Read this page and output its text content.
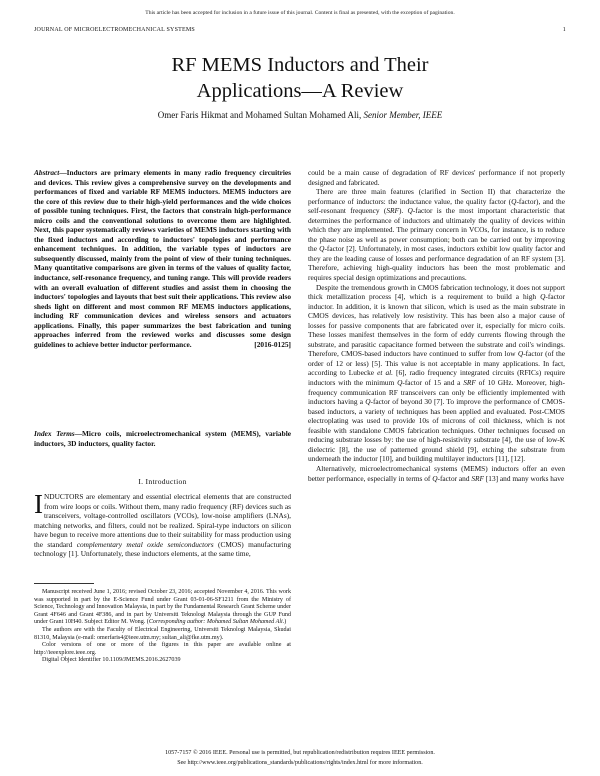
This article has been accepted for inclusion in a future issue of this journal. Content is final as presented, with the exception of pagination.
JOURNAL OF MICROELECTROMECHANICAL SYSTEMS	1
RF MEMS Inductors and Their
Applications—A Review
Omer Faris Hikmat and Mohamed Sultan Mohamed Ali, Senior Member, IEEE
Abstract—Inductors are primary elements in many radio frequency circuitries and devices. This review gives a comprehensive survey on the developments and performances of fixed and variable RF MEMS inductors. MEMS inductors are the core of this review due to their high-yield performances and the wide choices of possible tuning techniques. First, the factors that constrain high-performance micro coils and the conventional solutions to overcome them are highlighted. Next, this paper systematically reviews varieties of MEMS inductors starting with the fixed inductors and according to inductors' topologies and performance enhancement techniques. In addition, the variable types of inductors are subsequently discussed, mainly from the point of view of their tuning techniques. Many quantitative comparisons are given in terms of the values of quality factor, inductance, self-resonance frequency, and tuning range. This will provide readers with an overall evaluation of different studies and assist them in choosing the inductors' topologies and layouts that best suit their applications. This review also sheds light on different and most common RF MEMS inductors applications, including RF communication devices and wireless sensors and actuators applications. Finally, this paper summarizes the best fabrication and tuning approaches inferred from the reviewed works and discusses some design guidelines to achieve better inductor performance.	[2016-0125]
Index Terms—Micro coils, microelectromechanical system (MEMS), variable inductors, 3D inductors, quality factor.
I. Introduction
INDUCTORS are elementary and essential electrical elements that are constructed from wire loops or coils. Without them, many radio frequency (RF) devices such as transceivers, voltage-controlled oscillators (VCOs), low-noise amplifiers (LNAs), matching networks, and filters, could not be realized. Spiral-type inductors on silicon have begun to receive more attentions due to their suitability for mass production using the standard complementary metal oxide semiconductors (CMOS) manufacturing technology [1]. Unfortunately, these inductors elements, at the same time,

Manuscript received June 1, 2016; revised October 23, 2016; accepted November 4, 2016. This work was supported in part by the E-Science Fund under Grant 03-01-06-SF1211 from the Ministry of Science, Technology and Innovation Malaysia, in part by the Fundamental Research Grant Scheme under Grant 4F646 and Grant 4F386, and in part by Universiti Teknologi Malaysia through the GUP Fund under Grant 10H40. Subject Editor M. Wong. (Corresponding author: Mohamed Sultan Mohamed Ali.)

The authors are with the Faculty of Electrical Engineering, Universiti Teknologi Malaysia, Skudai 81310, Malaysia (e-mail: omerfaris4@ieee.utm.my; sultan_ali@fke.utm.my).

Color versions of one or more of the figures in this paper are available online at http://ieeexplore.ieee.org.

Digital Object Identifier 10.1109/JMEMS.2016.2627039

could be a main cause of degradation of RF devices' performance if not properly designed and fabricated.

There are three main features (clarified in Section II) that characterize the performance of inductors: the inductance value, the quality factor (Q-factor), and the self-resonant frequency (SRF). Q-factor is the most important characteristic that determines the performance of inductors and ultimately the quality of devices within which they are implemented. The primary concern in VCOs, for instance, is to reduce the phase noise as well as power consumption; both can be carried out by improving the Q-factor [2]. Unfortunately, in most cases, inductors exhibit low quality factor and they are the leading cause of losses and performance degradation of an RF system [3]. Therefore, achieving high-quality inductors has been the most problematic and requires special design optimizations and precautions.

Despite the tremendous growth in CMOS fabrication technology, it does not support thick metallization process [4], which is a requirement to build a high Q-factor inductor. In addition, it is known that silicon, which is used as the main substrate in CMOS devices, has relatively low resistivity. This has been also a major cause of losses for passive components that are fabricated over it, especially for micro coils. These losses manifest themselves in the form of eddy currents flowing through the substrate, and parasitic capacitance formed between the substrate and coil's windings. Therefore, CMOS-based inductors have continued to suffer from low Q-factor (of the order of 12 or less) [5]. This value is not acceptable in many applications. In fact, according to Lubecke et al. [6], radio frequency integrated circuits (RFICs) require inductors with the minimum Q-factor of 15 and a SRF of 10 GHz. Moreover, high-frequency communication RF transceivers can only be efficiently implemented with inductors having a Q-factor of beyond 30 [7]. To improve the performance of CMOS-based inductors, a variety of techniques has been applied and evaluated. Post-CMOS electroplating was used to provide 10s of microns of coil thickness, which is not feasible with standalone CMOS fabrication techniques. Other techniques focused on reducing substrate losses by: the use of high-resistivity substrate [4], the use of low-K dielectric [8], the use of patterned ground shield [9], etching the substrate from underneath the inductor [10], and building multilayer inductors [11], [12].

Alternatively, microelectromechanical systems (MEMS) inductors offer an even better performance, especially in terms of Q-factor and SRF [13] and many works have

1057-7157 © 2016 IEEE. Personal use is permitted, but republication/redistribution requires IEEE permission.
See http://www.ieee.org/publications_standards/publications/rights/index.html for more information.
